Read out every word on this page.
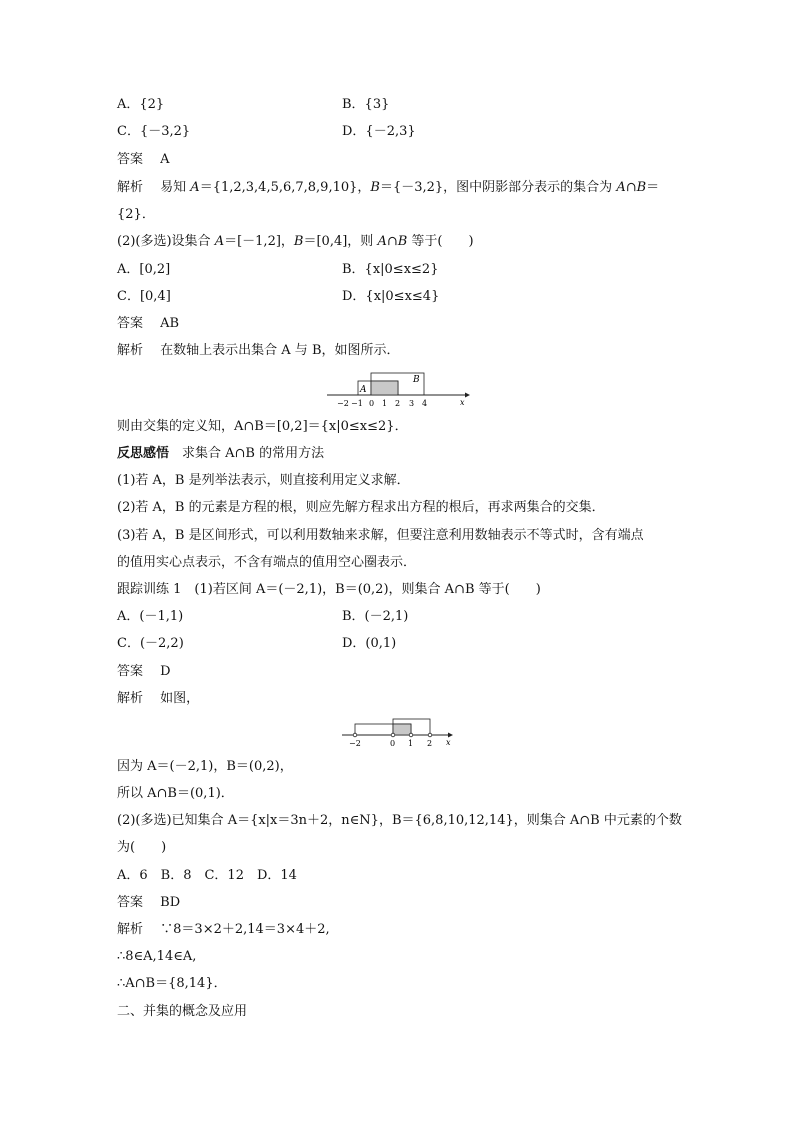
A．{2}	B．{3}
C．{－3,2}	D．{－2,3}
答案　 A
解析　 易知 A＝{1,2,3,4,5,6,7,8,9,10}，B＝{－3,2}，图中阴影部分表示的集合为 A∩B＝
{2}．
(2)(多选)设集合 A＝[－1,2]，B＝[0,4]，则 A∩B 等于(　　)
A．[0,2]	B．{x|0≤x≤2}
C．[0,4]	D．{x|0≤x≤4}
答案　 AB
解析　 在数轴上表示出集合 A 与 B，如图所示．
A
B
−2 −1 0 1 2 3 4	x
则由交集的定义知，A∩B＝[0,2]＝{x|0≤x≤2}．
反思感悟　求集合 A∩B 的常用方法
(1)若 A，B 是列举法表示，则直接利用定义求解．
(2)若 A，B 的元素是方程的根，则应先解方程求出方程的根后，再求两集合的交集．
(3)若 A，B 是区间形式，可以利用数轴来求解，但要注意利用数轴表示不等式时，含有端点
的值用实心点表示，不含有端点的值用空心圈表示．
跟踪训练 1　(1)若区间 A＝(－2,1)，B＝(0,2)，则集合 A∩B 等于(　　)
A．(－1,1)	B．(－2,1)
C．(－2,2)	D．(0,1)
答案　 D
解析　 如图，
−2	0 1 2 x
因为 A＝(－2,1)，B＝(0,2)，
所以 A∩B＝(0,1)．
(2)(多选)已知集合 A＝{x|x＝3n＋2，n∈N}，B＝{6,8,10,12,14}，则集合 A∩B 中元素的个数
为(　　)
A．6　B．8　C．12　D．14
答案　 BD
解析　 ∵8＝3×2＋2,14＝3×4＋2,
∴8∈A,14∈A,
∴A∩B＝{8,14}．
二、并集的概念及应用
